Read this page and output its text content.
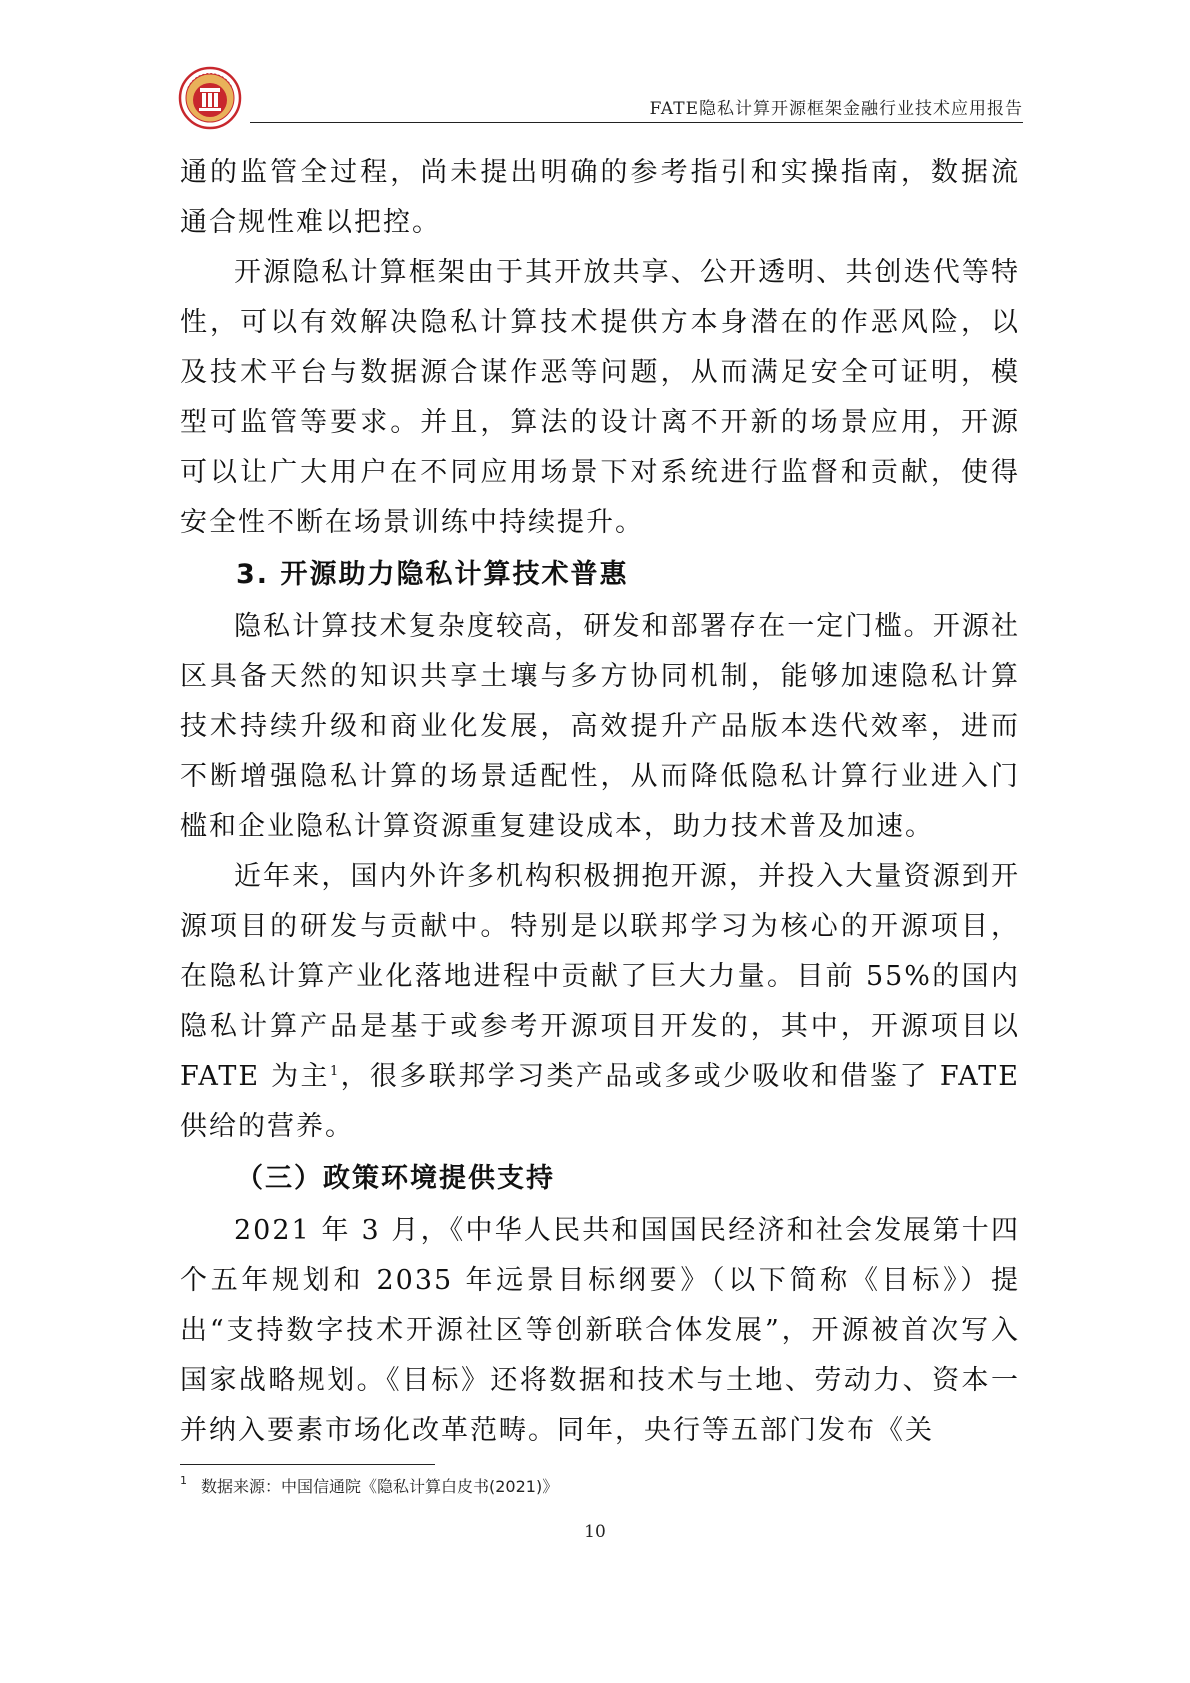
FATE隐私计算开源框架金融行业技术应用报告

通的监管全过程，尚未提出明确的参考指引和实操指南，数据流通合规性难以把控。

开源隐私计算框架由于其开放共享、公开透明、共创迭代等特性，可以有效解决隐私计算技术提供方本身潜在的作恶风险，以及技术平台与数据源合谋作恶等问题，从而满足安全可证明，模型可监管等要求。并且，算法的设计离不开新的场景应用，开源可以让广大用户在不同应用场景下对系统进行监督和贡献，使得安全性不断在场景训练中持续提升。

3. 开源助力隐私计算技术普惠

隐私计算技术复杂度较高，研发和部署存在一定门槛。开源社区具备天然的知识共享土壤与多方协同机制，能够加速隐私计算技术持续升级和商业化发展，高效提升产品版本迭代效率，进而不断增强隐私计算的场景适配性，从而降低隐私计算行业进入门槛和企业隐私计算资源重复建设成本，助力技术普及加速。

近年来，国内外许多机构积极拥抱开源，并投入大量资源到开源项目的研发与贡献中。特别是以联邦学习为核心的开源项目，在隐私计算产业化落地进程中贡献了巨大力量。目前 55%的国内隐私计算产品是基于或参考开源项目开发的，其中，开源项目以 FATE 为主$^1$，很多联邦学习类产品或多或少吸收和借鉴了 FATE 供给的营养。

（三）政策环境提供支持

2021 年 3 月，《中华人民共和国国民经济和社会发展第十四个五年规划和 2035 年远景目标纲要》（以下简称《目标》）提出“支持数字技术开源社区等创新联合体发展”，开源被首次写入国家战略规划。《目标》还将数据和技术与土地、劳动力、资本一并纳入要素市场化改革范畴。同年，央行等五部门发布《关

$^1$ 数据来源：中国信通院《隐私计算白皮书(2021)》
10
